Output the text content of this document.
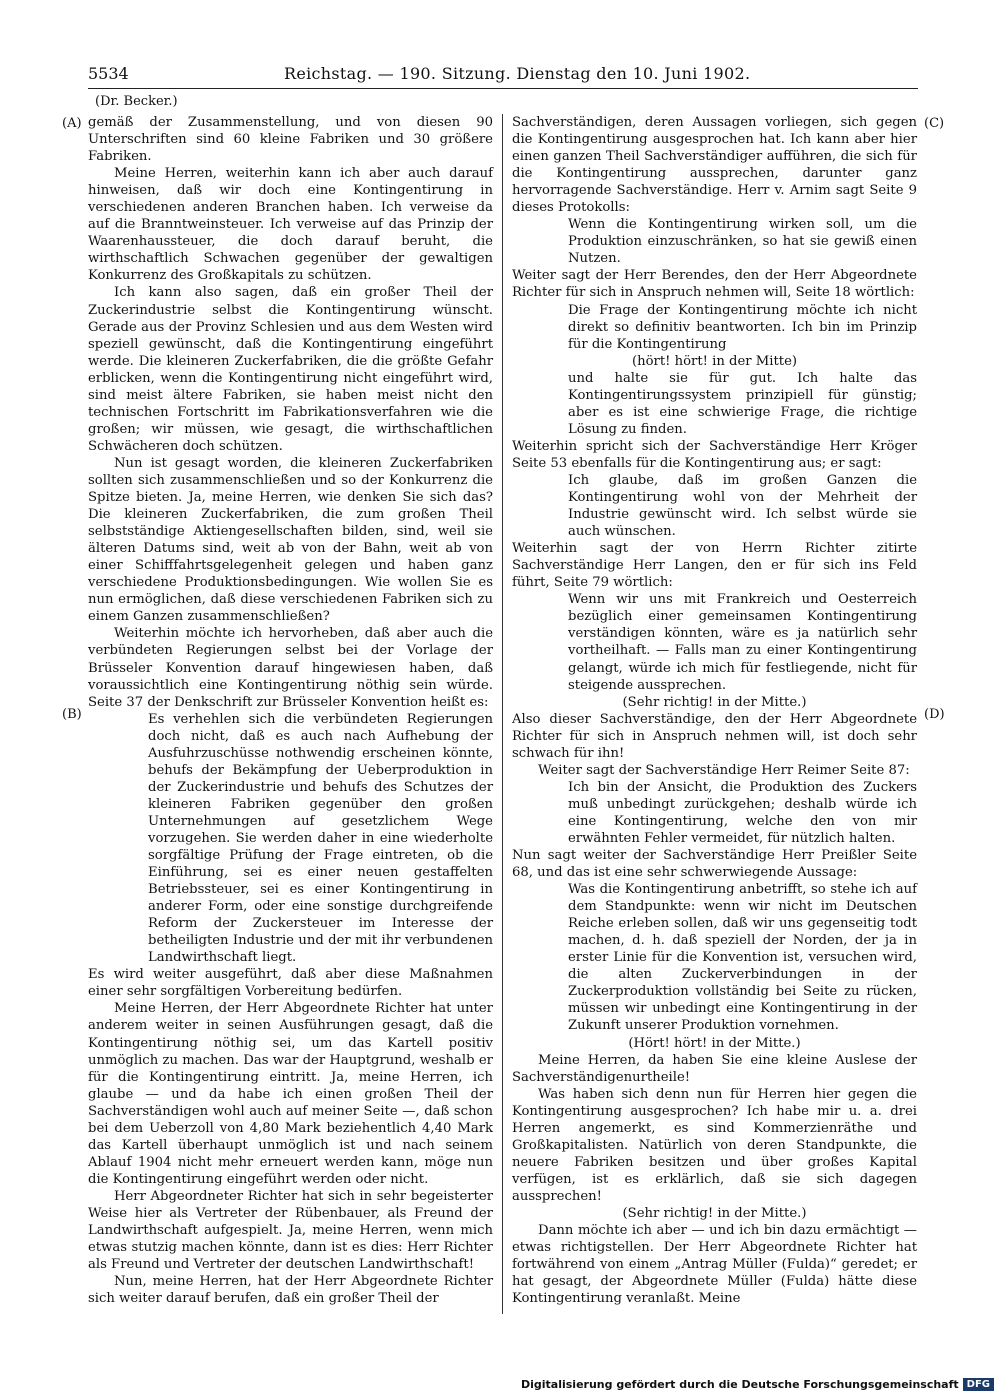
5534	Reichstag. — 190. Sitzung. Dienstag den 10. Juni 1902.
(Dr. Becker.)
(A)
(B)
(C)
(D)

gemäß der Zusammenstellung, und von diesen 90 Unterschriften sind 60 kleine Fabriken und 30 größere Fabriken.

Meine Herren, weiterhin kann ich aber auch darauf hinweisen, daß wir doch eine Kontingentirung in verschiedenen anderen Branchen haben. Ich verweise da auf die Branntweinsteuer. Ich verweise auf das Prinzip der Waarenhaussteuer, die doch darauf beruht, die wirthschaftlich Schwachen gegenüber der gewaltigen Konkurrenz des Großkapitals zu schützen.

Ich kann also sagen, daß ein großer Theil der Zuckerindustrie selbst die Kontingentirung wünscht. Gerade aus der Provinz Schlesien und aus dem Westen wird speziell gewünscht, daß die Kontingentirung eingeführt werde. Die kleineren Zuckerfabriken, die die größte Gefahr erblicken, wenn die Kontingentirung nicht eingeführt wird, sind meist ältere Fabriken, sie haben meist nicht den technischen Fortschritt im Fabrikationsverfahren wie die großen; wir müssen, wie gesagt, die wirthschaftlichen Schwächeren doch schützen.

Nun ist gesagt worden, die kleineren Zuckerfabriken sollten sich zusammenschließen und so der Konkurrenz die Spitze bieten. Ja, meine Herren, wie denken Sie sich das? Die kleineren Zuckerfabriken, die zum großen Theil selbstständige Aktiengesellschaften bilden, sind, weil sie älteren Datums sind, weit ab von der Bahn, weit ab von einer Schifffahrtsgelegenheit gelegen und haben ganz verschiedene Produktionsbedingungen. Wie wollen Sie es nun ermöglichen, daß diese verschiedenen Fabriken sich zu einem Ganzen zusammenschließen?

Weiterhin möchte ich hervorheben, daß aber auch die verbündeten Regierungen selbst bei der Vorlage der Brüsseler Konvention darauf hingewiesen haben, daß voraussichtlich eine Kontingentirung nöthig sein würde. Seite 37 der Denkschrift zur Brüsseler Konvention heißt es:

Es verhehlen sich die verbündeten Regierungen doch nicht, daß es auch nach Aufhebung der Ausfuhrzuschüsse nothwendig erscheinen könnte, behufs der Bekämpfung der Ueberproduktion in der Zuckerindustrie und behufs des Schutzes der kleineren Fabriken gegenüber den großen Unternehmungen auf gesetzlichem Wege vorzugehen. Sie werden daher in eine wiederholte sorgfältige Prüfung der Frage eintreten, ob die Einführung, sei es einer neuen gestaffelten Betriebssteuer, sei es einer Kontingentirung in anderer Form, oder eine sonstige durchgreifende Reform der Zuckersteuer im Interesse der betheiligten Industrie und der mit ihr verbundenen Landwirthschaft liegt.

Es wird weiter ausgeführt, daß aber diese Maßnahmen einer sehr sorgfältigen Vorbereitung bedürfen.

Meine Herren, der Herr Abgeordnete Richter hat unter anderem weiter in seinen Ausführungen gesagt, daß die Kontingentirung nöthig sei, um das Kartell positiv unmöglich zu machen. Das war der Hauptgrund, weshalb er für die Kontingentirung eintritt. Ja, meine Herren, ich glaube — und da habe ich einen großen Theil der Sachverständigen wohl auch auf meiner Seite —, daß schon bei dem Ueberzoll von 4,80 Mark beziehentlich 4,40 Mark das Kartell überhaupt unmöglich ist und nach seinem Ablauf 1904 nicht mehr erneuert werden kann, möge nun die Kontingentirung eingeführt werden oder nicht.

Herr Abgeordneter Richter hat sich in sehr begeisterter Weise hier als Vertreter der Rübenbauer, als Freund der Landwirthschaft aufgespielt. Ja, meine Herren, wenn mich etwas stutzig machen könnte, dann ist es dies: Herr Richter als Freund und Vertreter der deutschen Landwirthschaft!

Nun, meine Herren, hat der Herr Abgeordnete Richter sich weiter darauf berufen, daß ein großer Theil der

Sachverständigen, deren Aussagen vorliegen, sich gegen die Kontingentirung ausgesprochen hat. Ich kann aber hier einen ganzen Theil Sachverständiger aufführen, die sich für die Kontingentirung aussprechen, darunter ganz hervorragende Sachverständige. Herr v. Arnim sagt Seite 9 dieses Protokolls:

Wenn die Kontingentirung wirken soll, um die Produktion einzuschränken, so hat sie gewiß einen Nutzen.

Weiter sagt der Herr Berendes, den der Herr Abgeordnete Richter für sich in Anspruch nehmen will, Seite 18 wörtlich:

Die Frage der Kontingentirung möchte ich nicht direkt so definitiv beantworten. Ich bin im Prinzip für die Kontingentirung

(hört! hört! in der Mitte)

und halte sie für gut. Ich halte das Kontingentirungssystem prinzipiell für günstig; aber es ist eine schwierige Frage, die richtige Lösung zu finden.

Weiterhin spricht sich der Sachverständige Herr Kröger Seite 53 ebenfalls für die Kontingentirung aus; er sagt:

Ich glaube, daß im großen Ganzen die Kontingentirung wohl von der Mehrheit der Industrie gewünscht wird. Ich selbst würde sie auch wünschen.

Weiterhin sagt der von Herrn Richter zitirte Sachverständige Herr Langen, den er für sich ins Feld führt, Seite 79 wörtlich:

Wenn wir uns mit Frankreich und Oesterreich bezüglich einer gemeinsamen Kontingentirung verständigen könnten, wäre es ja natürlich sehr vortheilhaft. — Falls man zu einer Kontingentirung gelangt, würde ich mich für festliegende, nicht für steigende aussprechen.

(Sehr richtig! in der Mitte.)

Also dieser Sachverständige, den der Herr Abgeordnete Richter für sich in Anspruch nehmen will, ist doch sehr schwach für ihn!

Weiter sagt der Sachverständige Herr Reimer Seite 87:

Ich bin der Ansicht, die Produktion des Zuckers muß unbedingt zurückgehen; deshalb würde ich eine Kontingentirung, welche den von mir erwähnten Fehler vermeidet, für nützlich halten.

Nun sagt weiter der Sachverständige Herr Preißler Seite 68, und das ist eine sehr schwerwiegende Aussage:

Was die Kontingentirung anbetrifft, so stehe ich auf dem Standpunkte: wenn wir nicht im Deutschen Reiche erleben sollen, daß wir uns gegenseitig todt machen, d. h. daß speziell der Norden, der ja in erster Linie für die Konvention ist, versuchen wird, die alten Zuckerverbindungen in der Zuckerproduktion vollständig bei Seite zu rücken, müssen wir unbedingt eine Kontingentirung in der Zukunft unserer Produktion vornehmen.

(Hört! hört! in der Mitte.)

Meine Herren, da haben Sie eine kleine Auslese der Sachverständigenurtheile!

Was haben sich denn nun für Herren hier gegen die Kontingentirung ausgesprochen? Ich habe mir u. a. drei Herren angemerkt, es sind Kommerzienräthe und Großkapitalisten. Natürlich von deren Standpunkte, die neuere Fabriken besitzen und über großes Kapital verfügen, ist es erklärlich, daß sie sich dagegen aussprechen!

(Sehr richtig! in der Mitte.)

Dann möchte ich aber — und ich bin dazu ermächtigt — etwas richtigstellen. Der Herr Abgeordnete Richter hat fortwährend von einem „Antrag Müller (Fulda)“ geredet; er hat gesagt, der Abgeordnete Müller (Fulda) hätte diese Kontingentirung veranlaßt. Meine

Digitalisierung gefördert durch die Deutsche Forschungsgemeinschaft DFG
